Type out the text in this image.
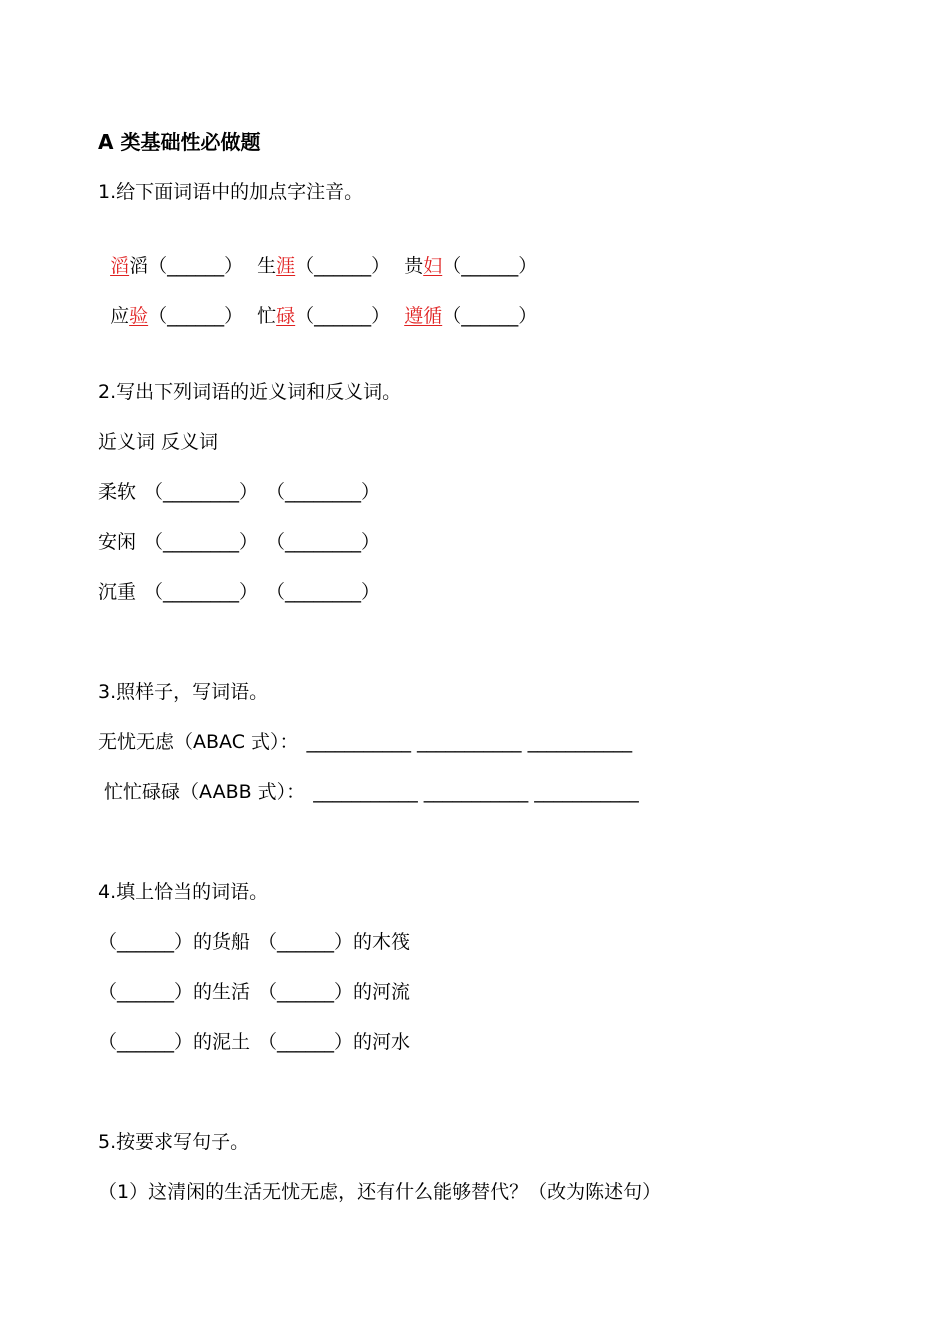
A 类基础性必做题
1.给下面词语中的加点字注音。

滔滔（______） 生涯（______） 贵妇（______）

应验（______） 忙碌（______） 遵循（______）

2.写出下列词语的近义词和反义词。
近义词 反义词
柔软 （________） （________）
安闲 （________） （________）
沉重 （________） （________）
3.照样子，写词语。
无忧无虑（ABAC 式）： ___________ ___________ ___________
忙忙碌碌（AABB 式）： ___________ ___________ ___________
4.填上恰当的词语。
（______）的货船 （______）的木筏
（______）的生活 （______）的河流
（______）的泥土 （______）的河水
5.按要求写句子。
（1）这清闲的生活无忧无虑，还有什么能够替代？（改为陈述句）
